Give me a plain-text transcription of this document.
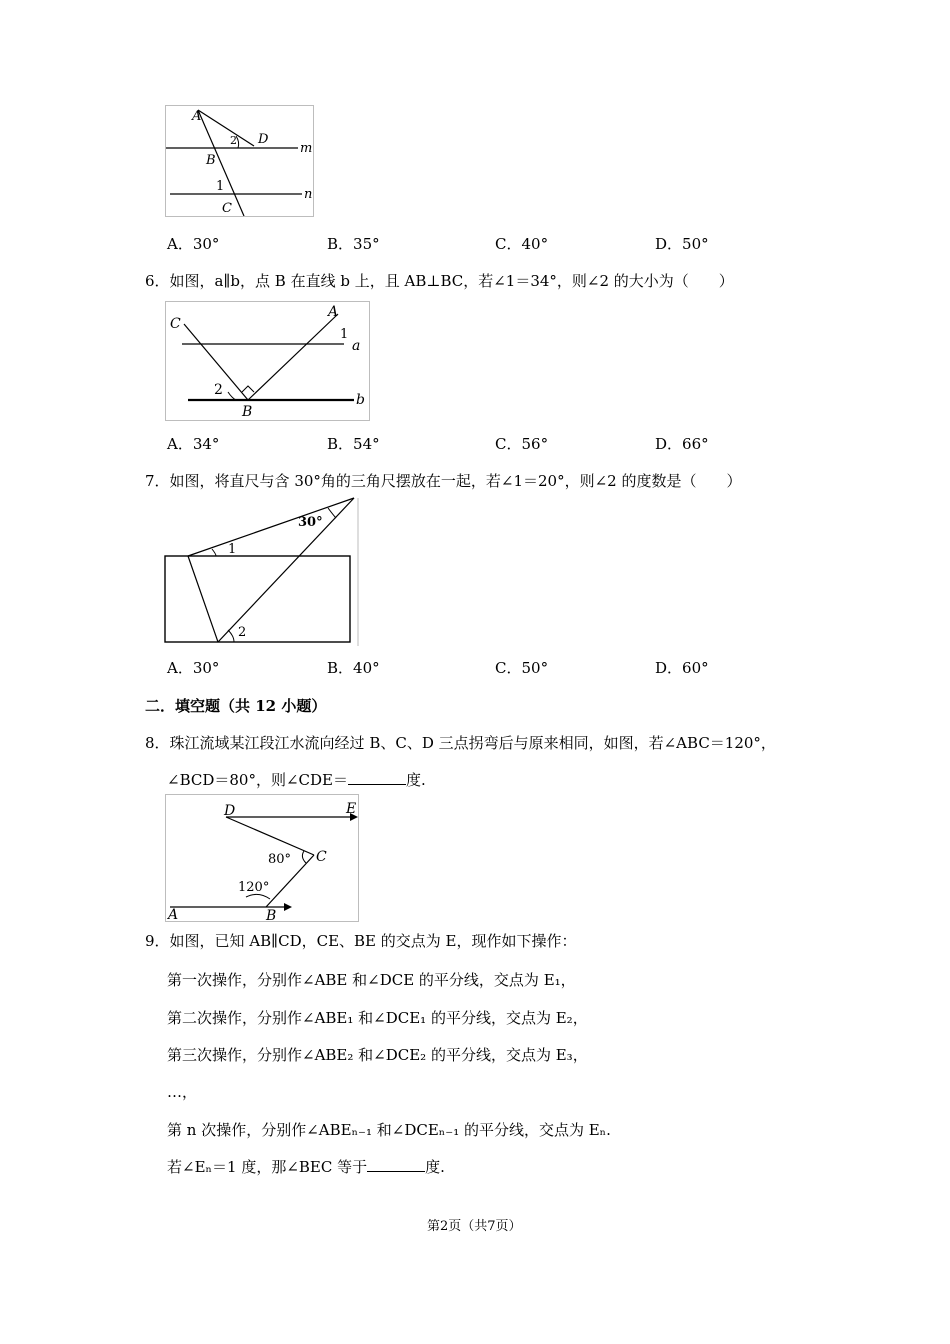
A
D
B
m
n
1
2
C
A．30°	B．35°	C．40°	D．50°
6．如图，a∥b，点 B 在直线 b 上，且 AB⊥BC，若∠1＝34°，则∠2 的大小为（　　）
C
A
1
a
2
B
b
A．34°	B．54°	C．56°	D．66°
7．如图，将直尺与含 30°角的三角尺摆放在一起，若∠1＝20°，则∠2 的度数是（　　）
30°
1
2
A．30°	B．40°	C．50°	D．60°
二．填空题（共 12 小题）
8．珠江流域某江段江水流向经过 B、C、D 三点拐弯后与原来相同，如图，若∠ABC＝120°，
∠BCD＝80°，则∠CDE＝	度.
D	E
C
80°
120°
A	B
9．如图，已知 AB∥CD，CE、BE 的交点为 E，现作如下操作：
第一次操作，分别作∠ABE 和∠DCE 的平分线，交点为 E₁，
第二次操作，分别作∠ABE₁ 和∠DCE₁ 的平分线，交点为 E₂，
第三次操作，分别作∠ABE₂ 和∠DCE₂ 的平分线，交点为 E₃，
…，
第 n 次操作，分别作∠ABEₙ₋₁ 和∠DCEₙ₋₁ 的平分线，交点为 Eₙ.
若∠Eₙ＝1 度，那∠BEC 等于	度.
第2页（共7页）
